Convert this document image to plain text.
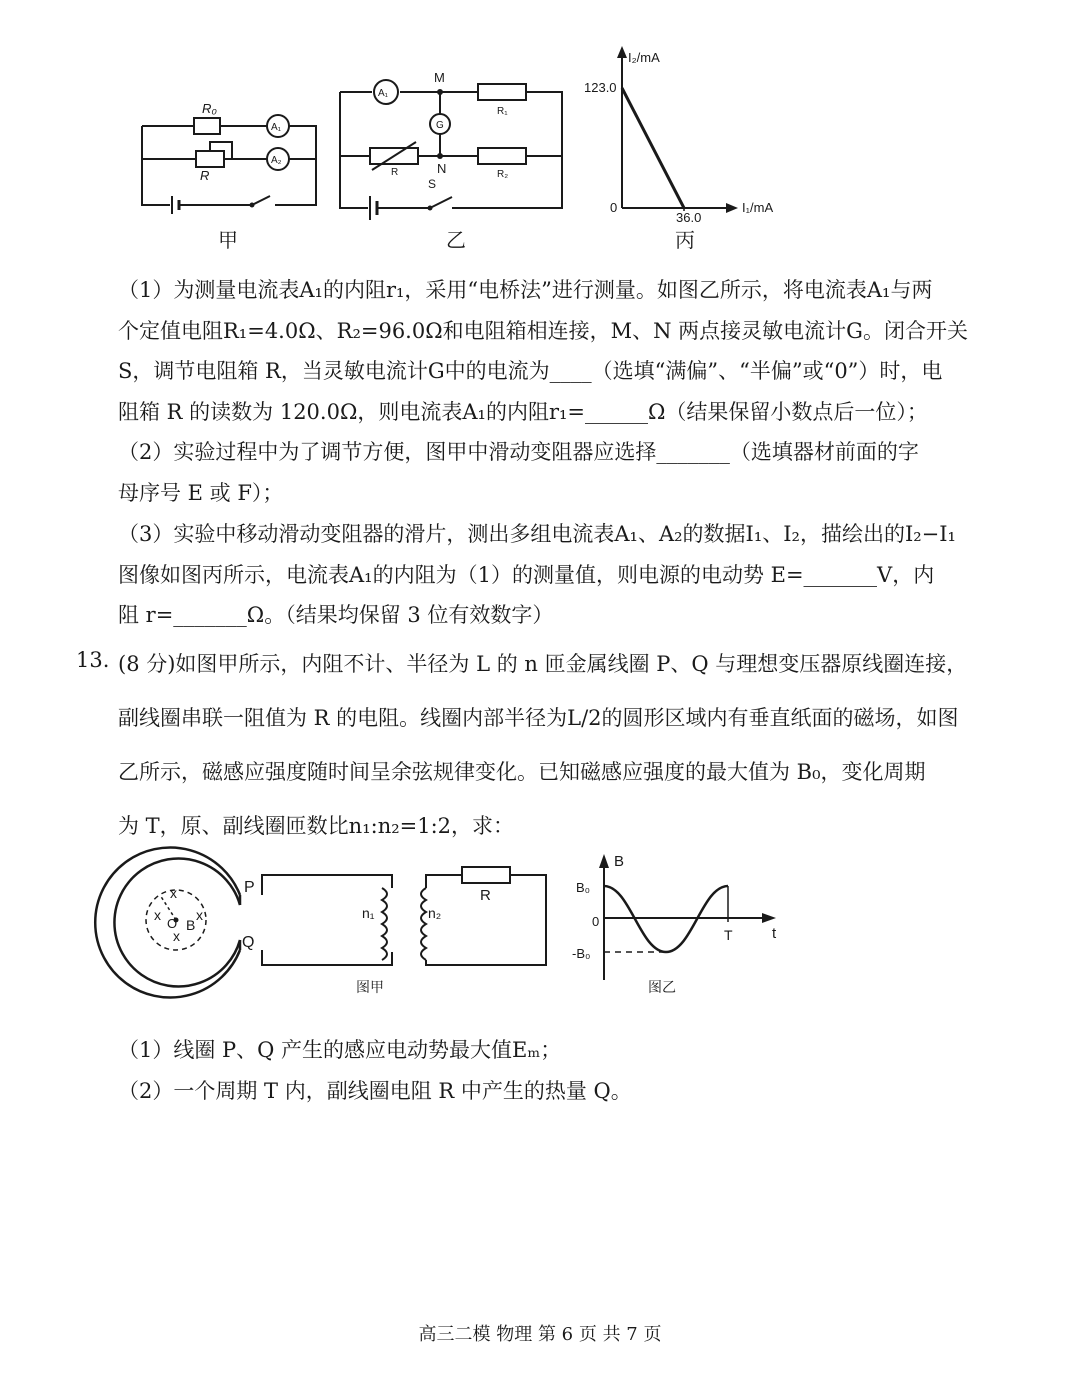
R₀
R
A₁
A₂
甲
A₁
R₁
R	R₂
G
M
N
S
乙
I₂/mA
I₁/mA
0
123.0
36.0
丙
（1）为测量电流表A₁的内阻r₁，采用“电桥法”进行测量。如图乙所示，将电流表A₁与两
个定值电阻R₁=4.0Ω、R₂=96.0Ω和电阻箱相连接，M、N 两点接灵敏电流计G。闭合开关
S，调节电阻箱 R，当灵敏电流计G中的电流为____（选填“满偏”、“半偏”或“0”）时，电
阻箱 R 的读数为 120.0Ω，则电流表A₁的内阻r₁=______Ω（结果保留小数点后一位）；
（2）实验过程中为了调节方便，图甲中滑动变阻器应选择_______（选填器材前面的字
母序号 E 或 F）；
（3）实验中移动滑动变阻器的滑片，测出多组电流表A₁、A₂的数据I₁、I₂，描绘出的I₂−I₁
图像如图丙所示，电流表A₁的内阻为（1）的测量值，则电源的电动势 E=_______V，内
阻 r=_______Ω。（结果均保留 3 位有效数字）
13. (8 分)如图甲所示，内阻不计、半径为 L 的 n 匝金属线圈 P、Q 与理想变压器原线圈连接，
副线圈串联一阻值为 R 的电阻。线圈内部半径为L/2的圆形区域内有垂直纸面的磁场，如图
乙所示，磁感应强度随时间呈余弦规律变化。已知磁感应强度的最大值为 B₀，变化周期
为 T，原、副线圈匝数比n₁:n₂=1:2，求：
x
x	x
x
O B
P
Q
n₁	n₂
R
图甲
B
t
B₀
-B₀
0
T
图乙
（1）线圈 P、Q 产生的感应电动势最大值Eₘ；
（2）一个周期 T 内，副线圈电阻 R 中产生的热量 Q。
高三二模 物理 第 6 页 共 7 页
